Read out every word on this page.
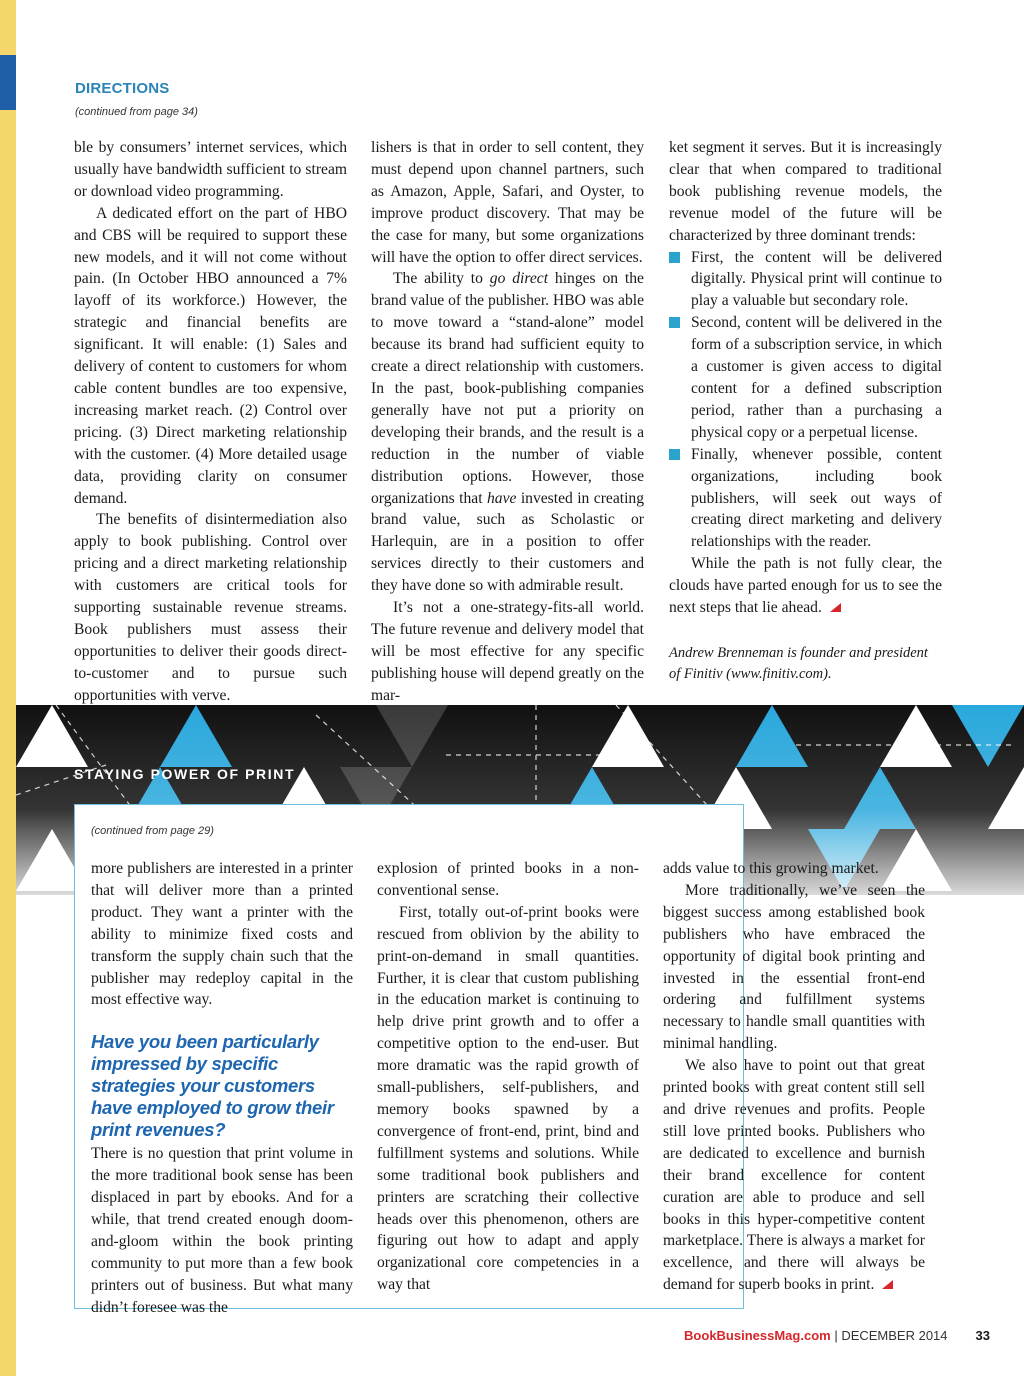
DIRECTIONS
(continued from page 34)

ble by consumers’ internet services, which usually have bandwidth sufficient to stream or download video programming.

A dedicated effort on the part of HBO and CBS will be required to support these new models, and it will not come without pain. (In October HBO announced a 7% layoff of its workforce.) However, the strategic and financial benefits are significant. It will enable: (1) Sales and delivery of content to customers for whom cable content bundles are too expensive, increasing market reach. (2) Control over pricing. (3) Direct marketing relationship with the customer. (4) More detailed usage data, providing clarity on consumer demand.

The benefits of disintermediation also apply to book publishing. Control over pricing and a direct marketing relationship with customers are critical tools for supporting sustainable revenue streams. Book publishers must assess their opportunities to deliver their goods direct-to-customer and to pursue such opportunities with verve.

lishers is that in order to sell content, they must depend upon channel partners, such as Amazon, Apple, Safari, and Oyster, to improve product discovery. That may be the case for many, but some organizations will have the option to offer direct services.

The ability to go direct hinges on the brand value of the publisher. HBO was able to move toward a “stand-alone” model because its brand had sufficient equity to create a direct relationship with customers. In the past, book-publishing companies generally have not put a priority on developing their brands, and the result is a reduction in the number of viable distribution options. However, those organizations that have invested in creating brand value, such as Scholastic or Harlequin, are in a position to offer services directly to their customers and they have done so with admirable result.

It’s not a one-strategy-fits-all world. The future revenue and delivery model that will be most effective for any specific publishing house will depend greatly on the mar-

ket segment it serves. But it is increasingly clear that when compared to traditional book publishing revenue models, the revenue model of the future will be characterized by three dominant trends:

First, the content will be delivered digitally. Physical print will continue to play a valuable but secondary role.
Second, content will be delivered in the form of a subscription service, in which a customer is given access to digital content for a defined subscription period, rather than a purchasing a physical copy or a perpetual license.
Finally, whenever possible, content organizations, including book publishers, will seek out ways of creating direct marketing and delivery relationships with the reader.

While the path is not fully clear, the clouds have parted enough for us to see the next steps that lie ahead.

Andrew Brenneman is founder and president of Finitiv (www.finitiv.com).
STAYING POWER OF PRINT
(continued from page 29)

more publishers are interested in a printer that will deliver more than a printed product. They want a printer with the ability to minimize fixed costs and transform the supply chain such that the publisher may redeploy capital in the most effective way.

Have you been particularly impressed by specific strategies your customers have employed to grow their print revenues?

There is no question that print volume in the more traditional book sense has been displaced in part by ebooks. And for a while, that trend created enough doom-and-gloom within the book printing community to put more than a few book printers out of business. But what many didn’t foresee was the

explosion of printed books in a non-conventional sense.

First, totally out-of-print books were rescued from oblivion by the ability to print-on-demand in small quantities. Further, it is clear that custom publishing in the education market is continuing to help drive print growth and to offer a competitive option to the end-user. But more dramatic was the rapid growth of small-publishers, self-publishers, and memory books spawned by a convergence of front-end, print, bind and fulfillment systems and solutions. While some traditional book publishers and printers are scratching their collective heads over this phenomenon, others are figuring out how to adapt and apply organizational core competencies in a way that

adds value to this growing market.

More traditionally, we’ve seen the biggest success among established book publishers who have embraced the opportunity of digital book printing and invested in the essential front-end ordering and fulfillment systems necessary to handle small quantities with minimal handling.

We also have to point out that great printed books with great content still sell and drive revenues and profits. People still love printed books. Publishers who are dedicated to excellence and burnish their brand excellence for content curation are able to produce and sell books in this hyper-competitive content marketplace. There is always a market for excellence, and there will always be demand for superb books in print.

BookBusinessMag.com | DECEMBER 2014 33
